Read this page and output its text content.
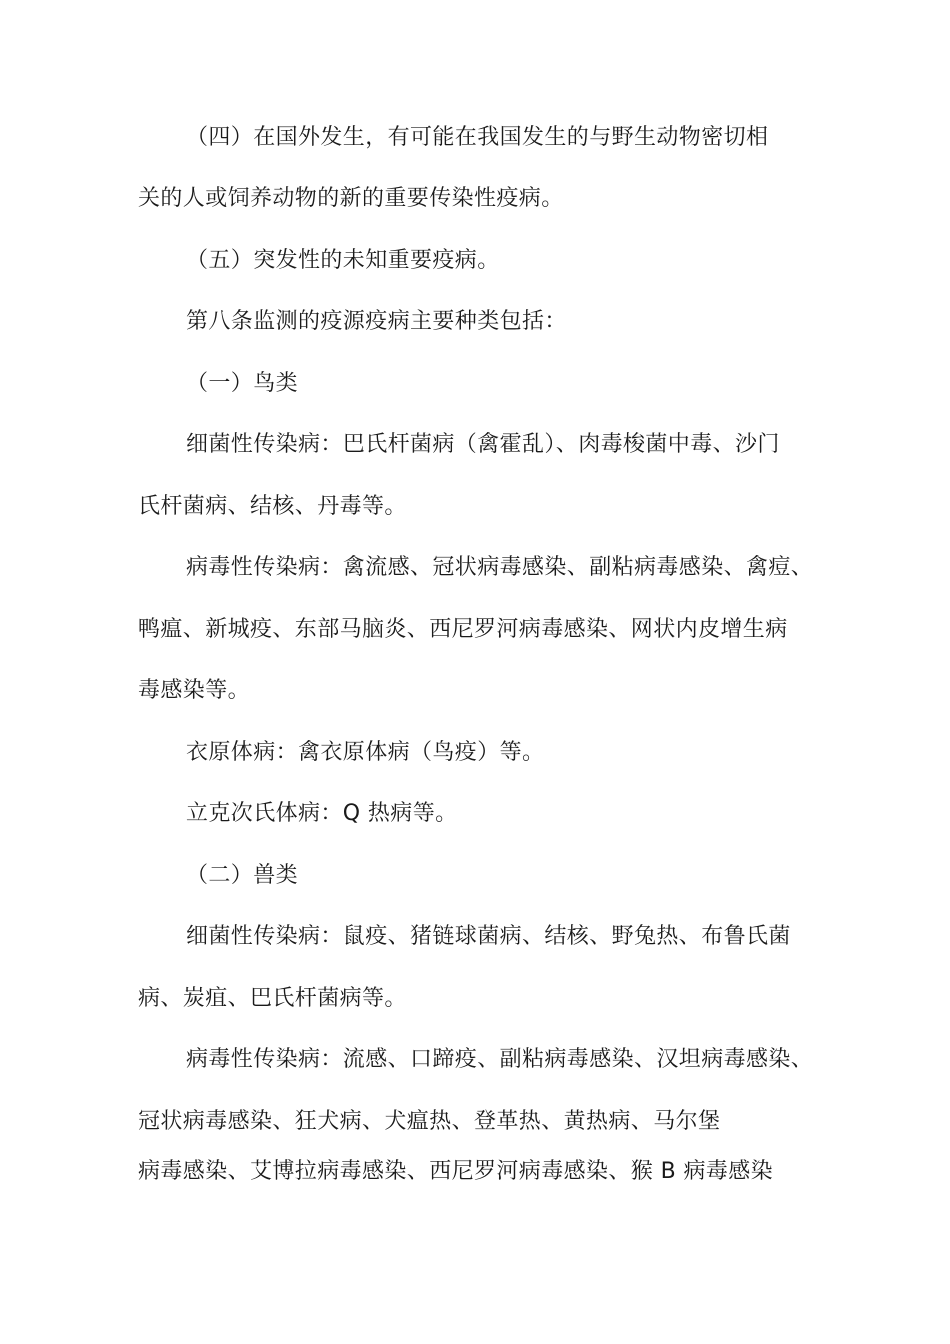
（四）在国外发生，有可能在我国发生的与野生动物密切相

关的人或饲养动物的新的重要传染性疫病。

（五）突发性的未知重要疫病。

第八条监测的疫源疫病主要种类包括：

（一）鸟类

细菌性传染病：巴氏杆菌病（禽霍乱）、肉毒梭菌中毒、沙门

氏杆菌病、结核、丹毒等。

病毒性传染病：禽流感、冠状病毒感染、副粘病毒感染、禽痘、

鸭瘟、新城疫、东部马脑炎、西尼罗河病毒感染、网状内皮增生病

毒感染等。

衣原体病：禽衣原体病（鸟疫）等。

立克次氏体病：Q 热病等。

（二）兽类

细菌性传染病：鼠疫、猪链球菌病、结核、野兔热、布鲁氏菌

病、炭疽、巴氏杆菌病等。

病毒性传染病：流感、口蹄疫、副粘病毒感染、汉坦病毒感染、

冠状病毒感染、狂犬病、犬瘟热、登革热、黄热病、马尔堡

病毒感染、艾博拉病毒感染、西尼罗河病毒感染、猴 B 病毒感染
